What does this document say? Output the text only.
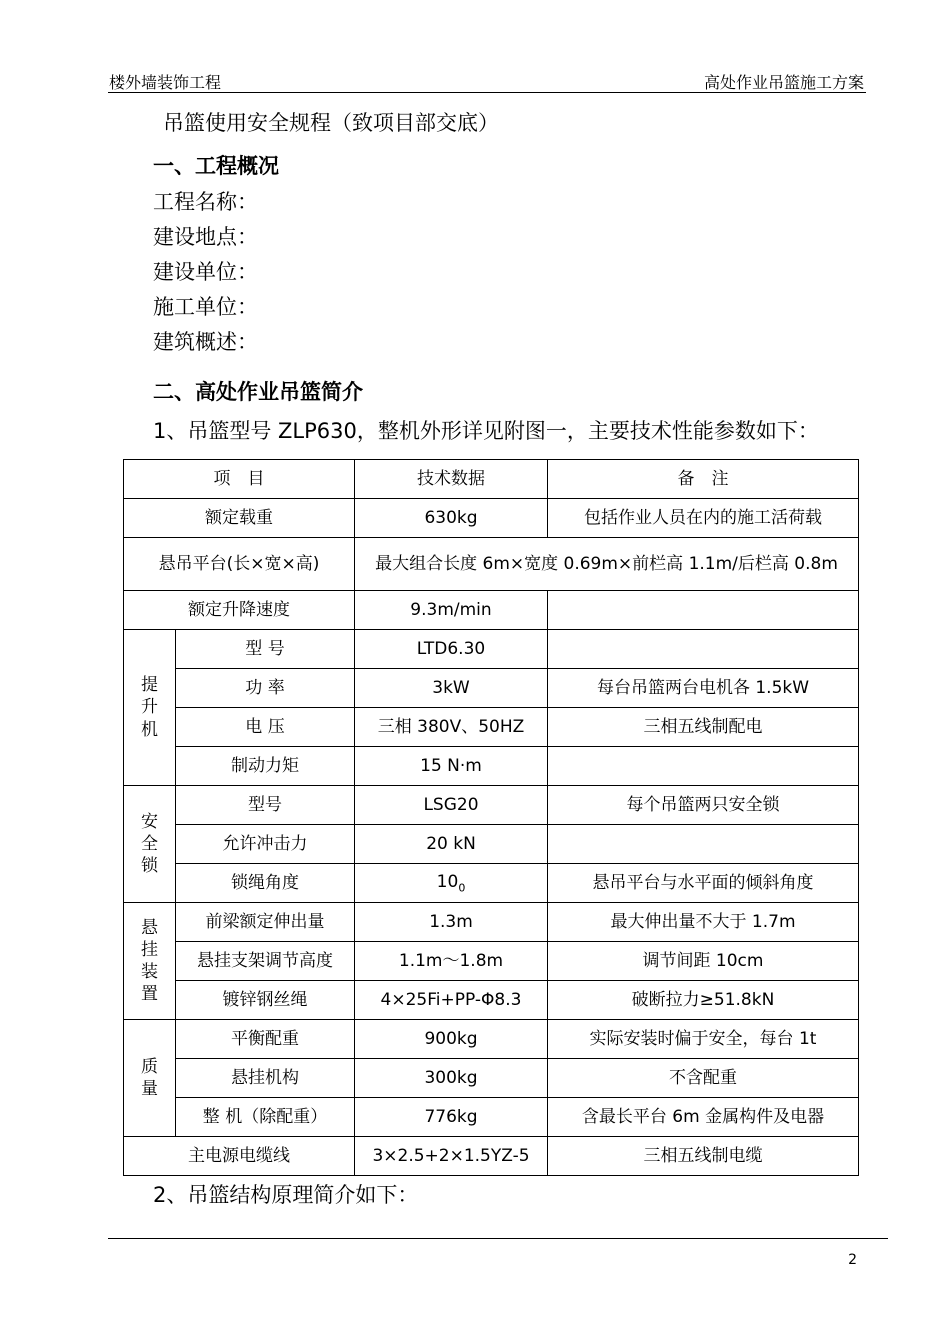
楼外墙装饰工程	高处作业吊篮施工方案
吊篮使用安全规程（致项目部交底）
一、工程概况
工程名称：
建设地点：
建设单位：
施工单位：
建筑概述：
二、高处作业吊篮简介
1、吊篮型号 ZLP630，整机外形详见附图一，主要技术性能参数如下：
项　目		技术数据	备　注
额定载重		630kg	包括作业人员在内的施工活荷载
悬吊平台(长×宽×高)		最大组合长度 6m×宽度 0.69m×前栏高 1.1m/后栏高 0.8m	
额定升降速度		9.3m/min	
提
升
机	型 号	LTD6.30	
	功 率	3kW	每台吊篮两台电机各 1.5kW
	电 压	三相 380V、50HZ	三相五线制配电
	制动力矩	15 N·m	
安
全
锁	型号	LSG20	每个吊篮两只安全锁
	允许冲击力	20 kN	
	锁绳角度	$10_0$	悬吊平台与水平面的倾斜角度
悬
挂
装
置	前梁额定伸出量	1.3m	最大伸出量不大于 1.7m
	悬挂支架调节高度	1.1m～1.8m	调节间距 10cm
	镀锌钢丝绳	4×25Fi+PP-Φ8.3	破断拉力≥51.8kN
质
量	平衡配重	900kg	实际安装时偏于安全，每台 1t
	悬挂机构	300kg	不含配重
	整 机（除配重）	776kg	含最长平台 6m 金属构件及电器
主电源电缆线		3×2.5+2×1.5YZ-5	三相五线制电缆
2、吊篮结构原理简介如下：
2
